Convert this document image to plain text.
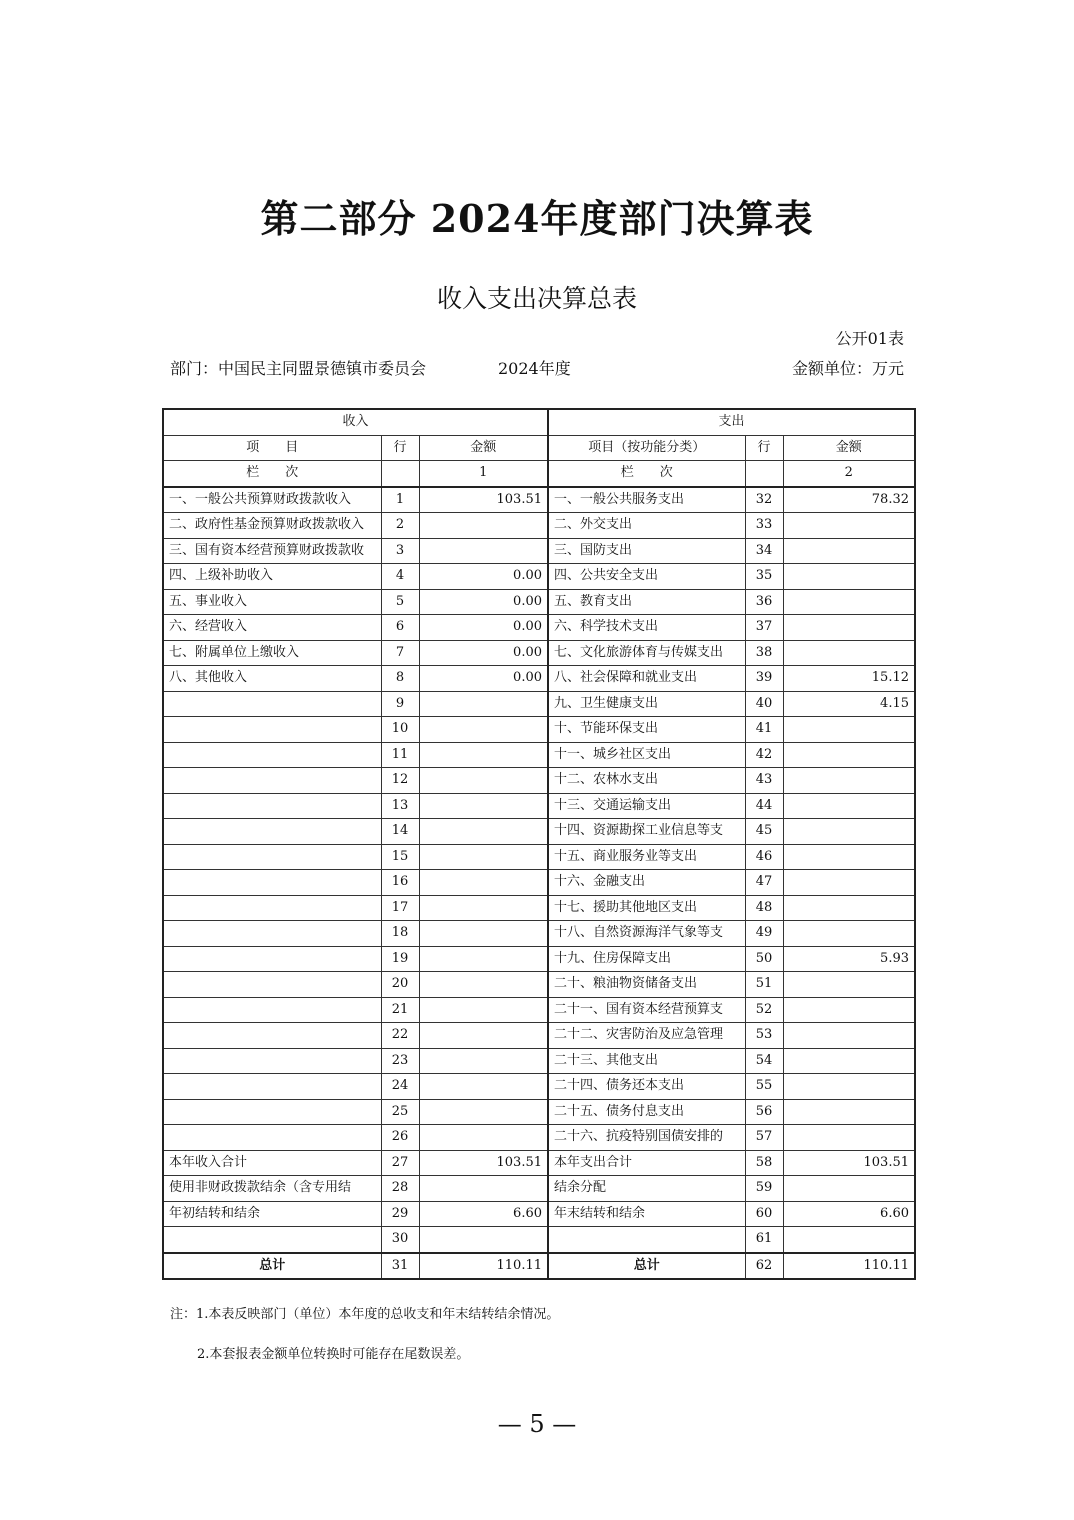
第二部分 2024年度部门决算表
收入支出决算总表
公开01表
部门：中国民主同盟景德镇市委员会	2024年度	金额单位：万元
收入			支出		
项　　目	行	金额	项目（按功能分类）	行	金额
栏　　次		1	栏　　次		2
一、一般公共预算财政拨款收入	1	103.51	一、一般公共服务支出	32	78.32
二、政府性基金预算财政拨款收入	2		二、外交支出	33	
三、国有资本经营预算财政拨款收	3		三、国防支出	34	
四、上级补助收入	4	0.00	四、公共安全支出	35	
五、事业收入	5	0.00	五、教育支出	36	
六、经营收入	6	0.00	六、科学技术支出	37	
七、附属单位上缴收入	7	0.00	七、文化旅游体育与传媒支出	38	
八、其他收入	8	0.00	八、社会保障和就业支出	39	15.12
	9		九、卫生健康支出	40	4.15
	10		十、节能环保支出	41	
	11		十一、城乡社区支出	42	
	12		十二、农林水支出	43	
	13		十三、交通运输支出	44	
	14		十四、资源勘探工业信息等支	45	
	15		十五、商业服务业等支出	46	
	16		十六、金融支出	47	
	17		十七、援助其他地区支出	48	
	18		十八、自然资源海洋气象等支	49	
	19		十九、住房保障支出	50	5.93
	20		二十、粮油物资储备支出	51	
	21		二十一、国有资本经营预算支	52	
	22		二十二、灾害防治及应急管理	53	
	23		二十三、其他支出	54	
	24		二十四、债务还本支出	55	
	25		二十五、债务付息支出	56	
	26		二十六、抗疫特别国债安排的	57	
本年收入合计	27	103.51	本年支出合计	58	103.51
使用非财政拨款结余（含专用结	28		结余分配	59	
年初结转和结余	29	6.60	年末结转和结余	60	6.60
	30			61	
总计	31	110.11	总计	62	110.11
注：1.本表反映部门（单位）本年度的总收支和年末结转结余情况。
2.本套报表金额单位转换时可能存在尾数误差。
— 5 —
